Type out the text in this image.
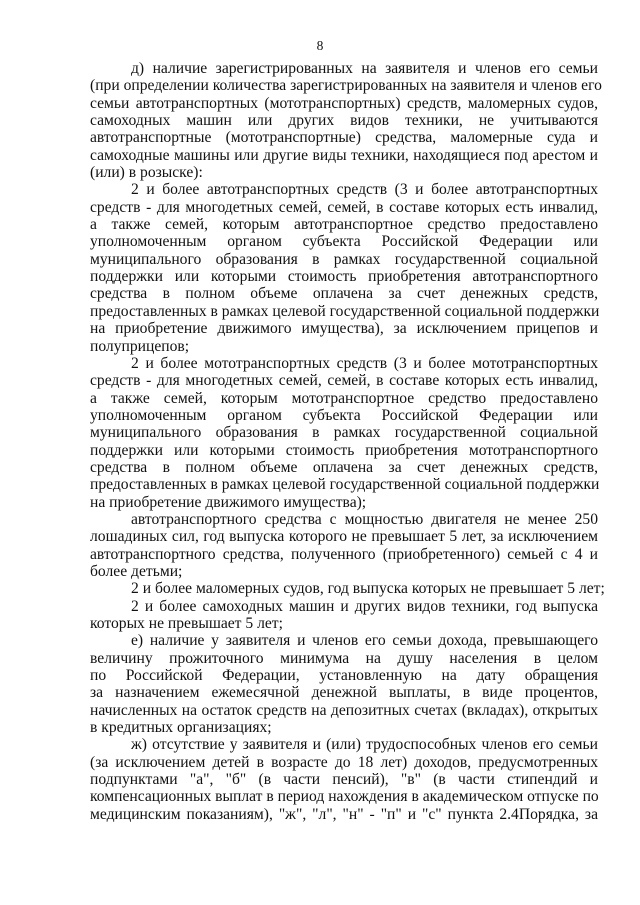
8
д) наличие зарегистрированных на заявителя и членов его семьи
(при определении количества зарегистрированных на заявителя и членов его
семьи автотранспортных (мототранспортных) средств, маломерных судов,
самоходных машин или других видов техники, не учитываются
автотранспортные (мототранспортные) средства, маломерные суда и
самоходные машины или другие виды техники, находящиеся под арестом и
(или) в розыске):
2 и более автотранспортных средств (3 и более автотранспортных
средств - для многодетных семей, семей, в составе которых есть инвалид,
а также семей, которым автотранспортное средство предоставлено
уполномоченным органом субъекта Российской Федерации или
муниципального образования в рамках государственной социальной
поддержки или которыми стоимость приобретения автотранспортного
средства в полном объеме оплачена за счет денежных средств,
предоставленных в рамках целевой государственной социальной поддержки
на приобретение движимого имущества), за исключением прицепов и
полуприцепов;
2 и более мототранспортных средств (3 и более мототранспортных
средств - для многодетных семей, семей, в составе которых есть инвалид,
а также семей, которым мототранспортное средство предоставлено
уполномоченным органом субъекта Российской Федерации или
муниципального образования в рамках государственной социальной
поддержки или которыми стоимость приобретения мототранспортного
средства в полном объеме оплачена за счет денежных средств,
предоставленных в рамках целевой государственной социальной поддержки
на приобретение движимого имущества);
автотранспортного средства с мощностью двигателя не менее 250
лошадиных сил, год выпуска которого не превышает 5 лет, за исключением
автотранспортного средства, полученного (приобретенного) семьей с 4 и
более детьми;
2 и более маломерных судов, год выпуска которых не превышает 5 лет;
2 и более самоходных машин и других видов техники, год выпуска
которых не превышает 5 лет;
е) наличие у заявителя и членов его семьи дохода, превышающего
величину прожиточного минимума на душу населения в целом
по Российской Федерации, установленную на дату обращения
за назначением ежемесячной денежной выплаты, в виде процентов,
начисленных на остаток средств на депозитных счетах (вкладах), открытых
в кредитных организациях;
ж) отсутствие у заявителя и (или) трудоспособных членов его семьи
(за исключением детей в возрасте до 18 лет) доходов, предусмотренных
подпунктами "а", "б" (в части пенсий), "в" (в части стипендий и
компенсационных выплат в период нахождения в академическом отпуске по
медицинским показаниям), "ж", "л", "н" - "п" и "с" пункта 2.4Порядка, за
